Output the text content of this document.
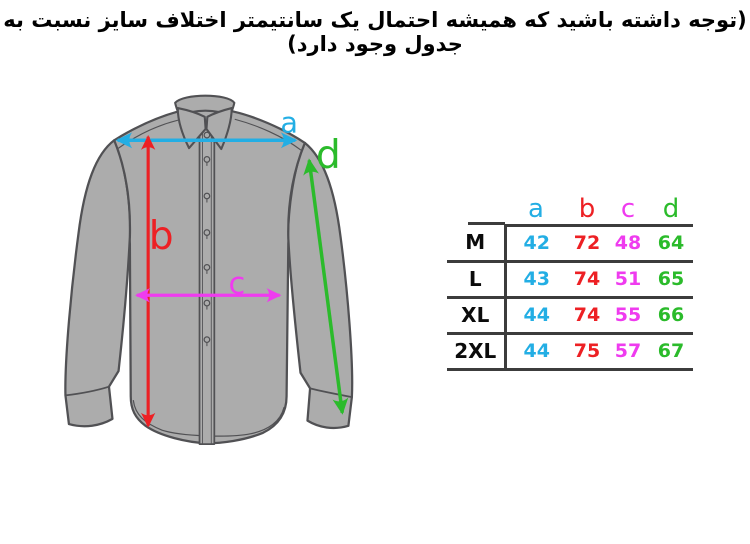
(توجه داشته باشید که همیشه احتمال یک سانتیمتر اختلاف سایز نسبت به جدول وجود دارد)
a
b
c
d
	a	b	c	d
M	42	72	48	64
L	43	74	51	65
XL	44	74	55	66
2XL	44	75	57	67
